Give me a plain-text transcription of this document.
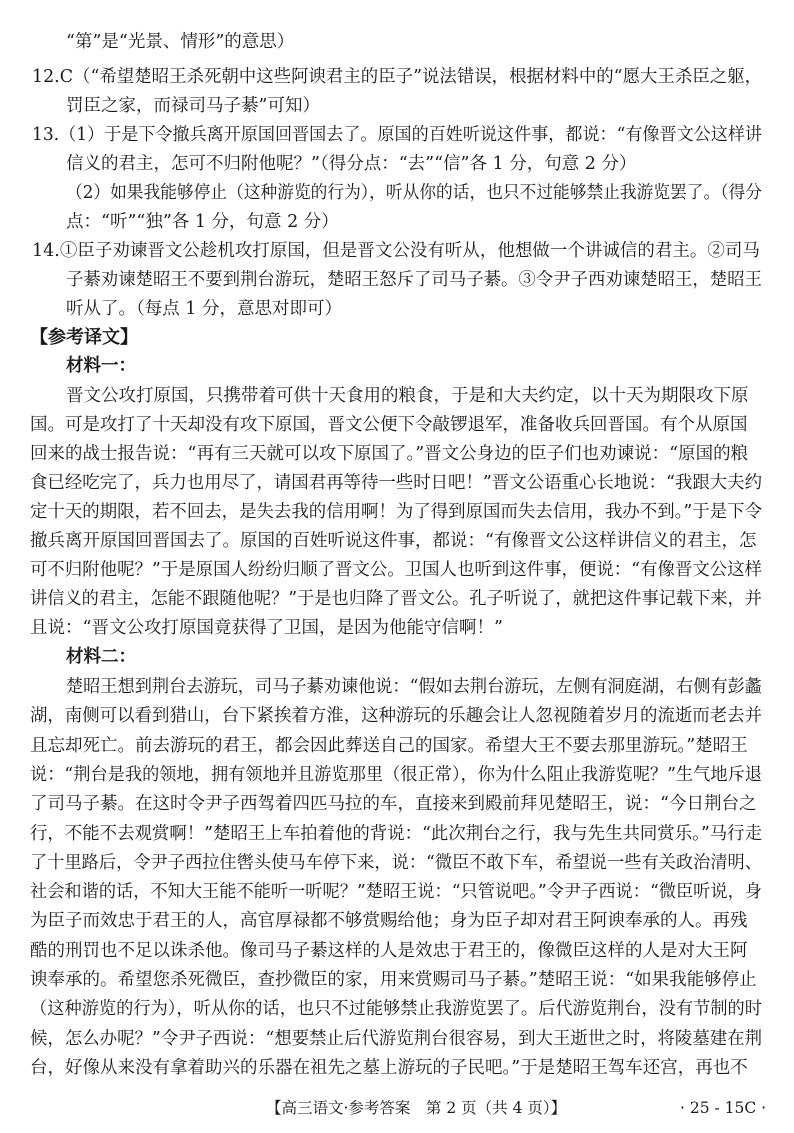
“第”是“光景、情形”的意思）
12.C（“希望楚昭王杀死朝中这些阿谀君主的臣子”说法错误，根据材料中的“愿大王杀臣之躯，
罚臣之家，而禄司马子綦”可知）
13.（1）于是下令撤兵离开原国回晋国去了。原国的百姓听说这件事，都说：“有像晋文公这样讲
信义的君主，怎可不归附他呢？”（得分点：“去”“信”各 1 分，句意 2 分）
（2）如果我能够停止（这种游览的行为），听从你的话，也只不过能够禁止我游览罢了。（得分
点：“听”“独”各 1 分，句意 2 分）
14.①臣子劝谏晋文公趁机攻打原国，但是晋文公没有听从，他想做一个讲诚信的君主。②司马
子綦劝谏楚昭王不要到荆台游玩，楚昭王怒斥了司马子綦。③令尹子西劝谏楚昭王，楚昭王
听从了。（每点 1 分，意思对即可）
【参考译文】
材料一：
晋文公攻打原国，只携带着可供十天食用的粮食，于是和大夫约定，以十天为期限攻下原
国。可是攻打了十天却没有攻下原国，晋文公便下令敲锣退军，准备收兵回晋国。有个从原国
回来的战士报告说：“再有三天就可以攻下原国了。”晋文公身边的臣子们也劝谏说：“原国的粮
食已经吃完了，兵力也用尽了，请国君再等待一些时日吧！”晋文公语重心长地说：“我跟大夫约
定十天的期限，若不回去，是失去我的信用啊！为了得到原国而失去信用，我办不到。”于是下令
撤兵离开原国回晋国去了。原国的百姓听说这件事，都说：“有像晋文公这样讲信义的君主，怎
可不归附他呢？”于是原国人纷纷归顺了晋文公。卫国人也听到这件事，便说：“有像晋文公这样
讲信义的君主，怎能不跟随他呢？”于是也归降了晋文公。孔子听说了，就把这件事记载下来，并
且说：“晋文公攻打原国竟获得了卫国，是因为他能守信啊！”
材料二：
楚昭王想到荆台去游玩，司马子綦劝谏他说：“假如去荆台游玩，左侧有洞庭湖，右侧有彭蠡
湖，南侧可以看到猎山，台下紧挨着方淮，这种游玩的乐趣会让人忽视随着岁月的流逝而老去并
且忘却死亡。前去游玩的君王，都会因此葬送自己的国家。希望大王不要去那里游玩。”楚昭王
说：“荆台是我的领地，拥有领地并且游览那里（很正常），你为什么阻止我游览呢？”生气地斥退
了司马子綦。在这时令尹子西驾着四匹马拉的车，直接来到殿前拜见楚昭王，说：“今日荆台之
行，不能不去观赏啊！”楚昭王上车拍着他的背说：“此次荆台之行，我与先生共同赏乐。”马行走
了十里路后，令尹子西拉住辔头使马车停下来，说：“微臣不敢下车，希望说一些有关政治清明、
社会和谐的话，不知大王能不能听一听呢？”楚昭王说：“只管说吧。”令尹子西说：“微臣听说，身
为臣子而效忠于君王的人，高官厚禄都不够赏赐给他；身为臣子却对君王阿谀奉承的人。再残
酷的刑罚也不足以诛杀他。像司马子綦这样的人是效忠于君王的，像微臣这样的人是对大王阿
谀奉承的。希望您杀死微臣，查抄微臣的家，用来赏赐司马子綦。”楚昭王说：“如果我能够停止
（这种游览的行为），听从你的话，也只不过能够禁止我游览罢了。后代游览荆台，没有节制的时
候，怎么办呢？”令尹子西说：“想要禁止后代游览荆台很容易，到大王逝世之时，将陵墓建在荆
台，好像从来没有拿着助兴的乐器在祖先之墓上游玩的子民吧。”于是楚昭王驾车还宫，再也不
【高三语文·参考答案　第 2 页（共 4 页）】	· 25 - 15C ·
